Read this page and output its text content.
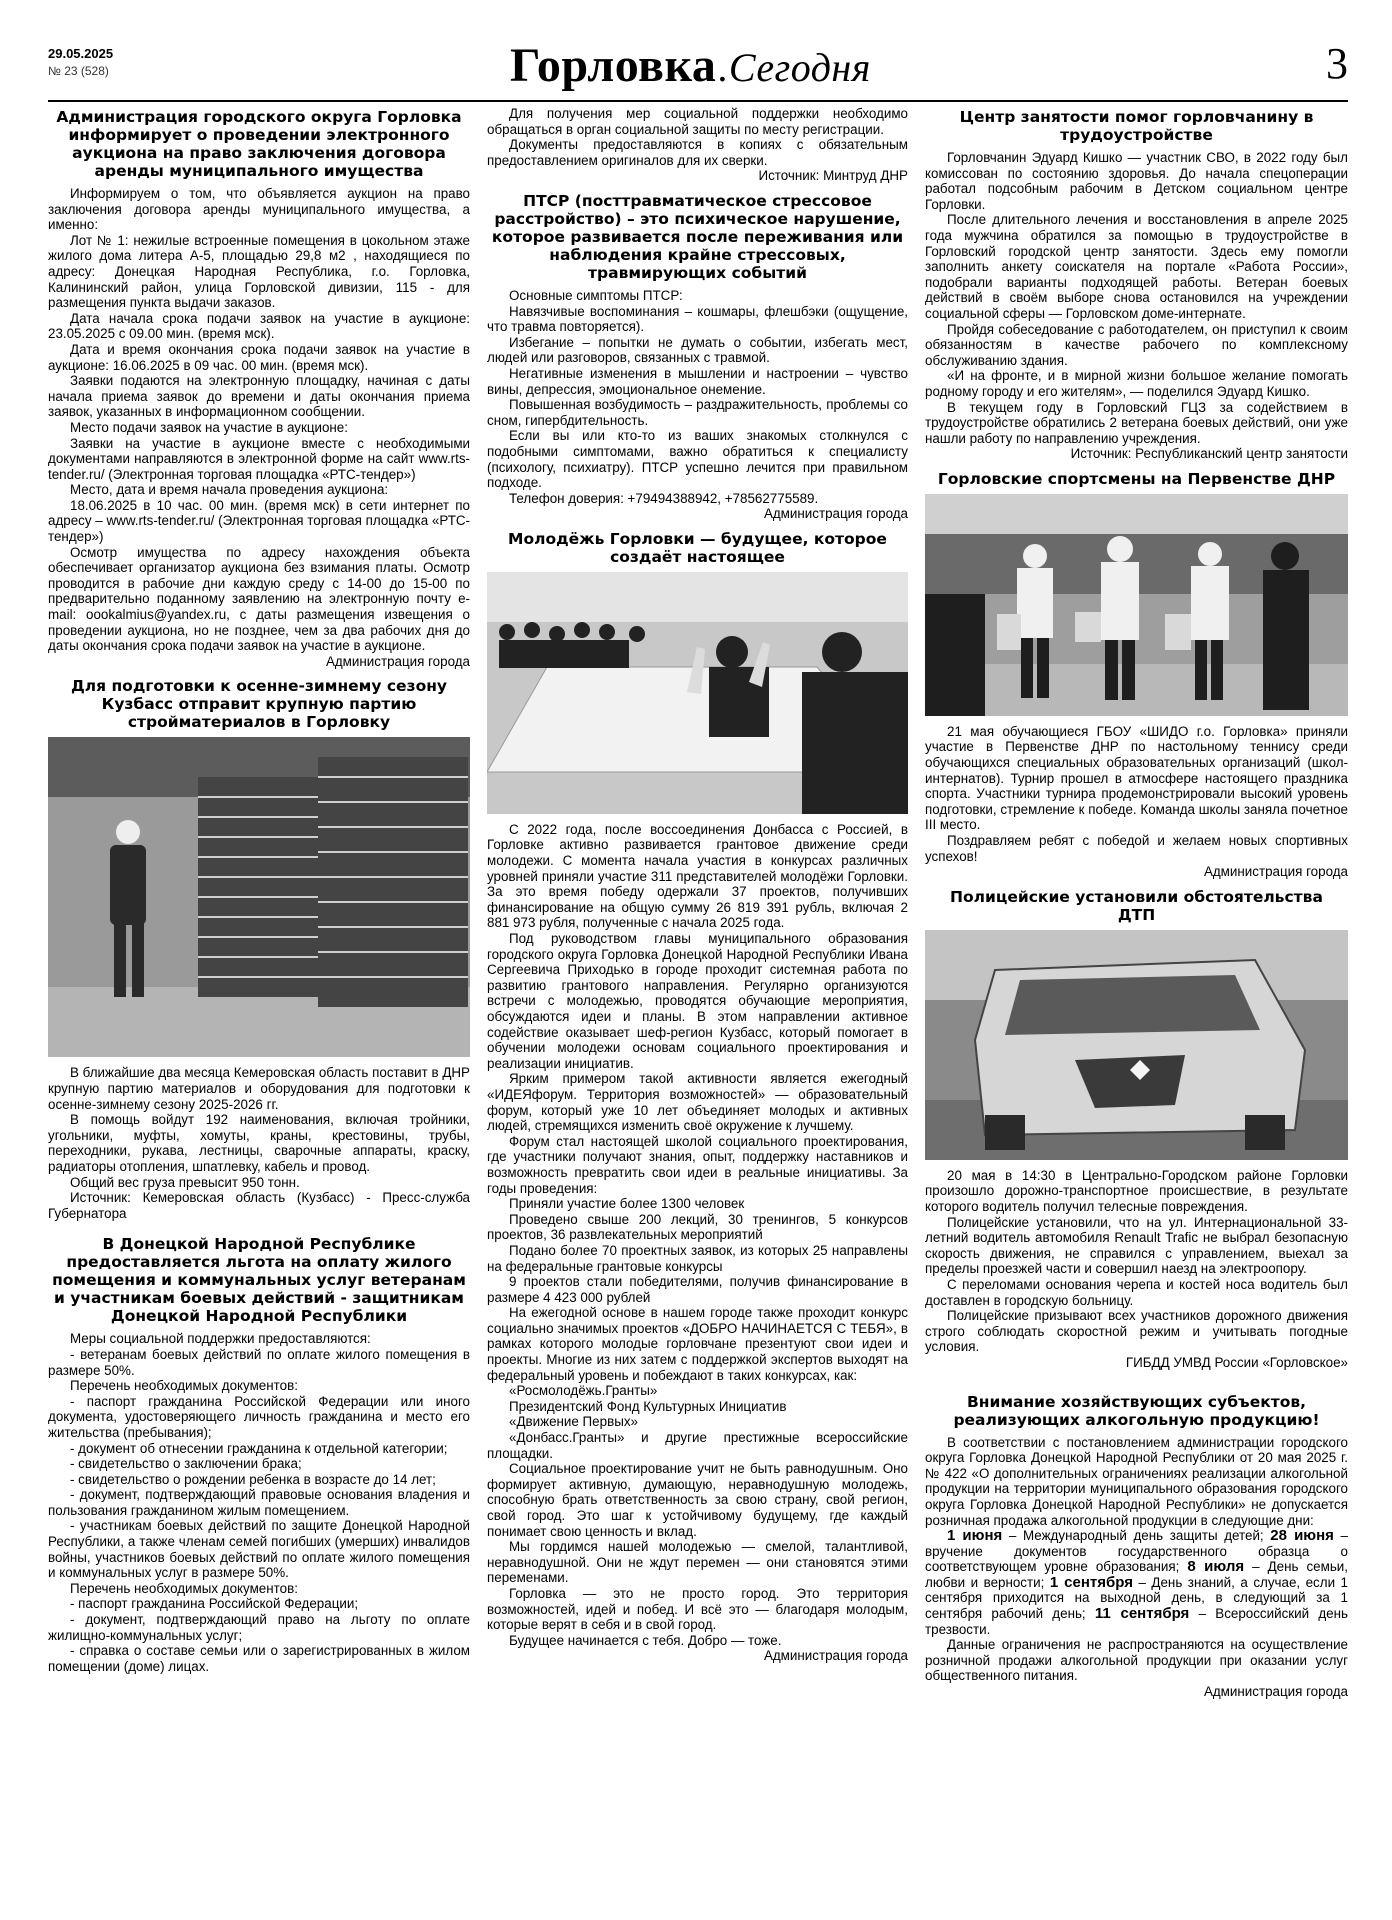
29.05.2025
№ 23 (528)	Горловка.Сегодня	3
Администрация городского округа Горловка информирует о проведении электронного аукциона на право заключения договора аренды муниципального имущества

Информируем о том, что объявляется аукцион на право заключения договора аренды муниципального имущества, а именно:

Лот № 1: нежилые встроенные помещения в цокольном этаже жилого дома литера А-5, площадью 29,8 м2 , находящиеся по адресу: Донецкая Народная Республика, г.о. Горловка, Калининский район, улица Горловской дивизии, 115 - для размещения пункта выдачи заказов.

Дата начала срока подачи заявок на участие в аукционе: 23.05.2025 с 09.00 мин. (время мск).

Дата и время окончания срока подачи заявок на участие в аукционе: 16.06.2025 в 09 час. 00 мин. (время мск).

Заявки подаются на электронную площадку, начиная с даты начала приема заявок до времени и даты окончания приема заявок, указанных в информационном сообщении.

Место подачи заявок на участие в аукционе:

Заявки на участие в аукционе вместе с необходимыми документами направляются в электронной форме на сайт www.rts-tender.ru/ (Электронная торговая площадка «РТС-тендер»)

Место, дата и время начала проведения аукциона:

18.06.2025 в 10 час. 00 мин. (время мск) в сети интернет по адресу – www.rts-tender.ru/ (Электронная торговая площадка «РТС-тендер»)

Осмотр имущества по адресу нахождения объекта обеспечивает организатор аукциона без взимания платы. Осмотр проводится в рабочие дни каждую среду с 14-00 до 15-00 по предварительно поданному заявлению на электронную почту e-mail: oookalmius@yandex.ru, с даты размещения извещения о проведении аукциона, но не позднее, чем за два рабочих дня до даты окончания срока подачи заявок на участие в аукционе.

Администрация города
Для подготовки к осенне-зимнему сезону Кузбасс отправит крупную партию стройматериалов в Горловку

В ближайшие два месяца Кемеровская область поставит в ДНР крупную партию материалов и оборудования для подготовки к осенне-зимнему сезону 2025-2026 гг.

В помощь войдут 192 наименования, включая тройники, угольники, муфты, хомуты, краны, крестовины, трубы, переходники, рукава, лестницы, сварочные аппараты, краску, радиаторы отопления, шпатлевку, кабель и провод.

Общий вес груза превысит 950 тонн.

Источник: Кемеровская область (Кузбасс) - Пресс-служба Губернатора

В Донецкой Народной Республике предоставляется льгота на оплату жилого помещения и коммунальных услуг ветеранам и участникам боевых действий - защитникам Донецкой Народной Республики

Меры социальной поддержки предоставляются:

- ветеранам боевых действий по оплате жилого помещения в размере 50%.

Перечень необходимых документов:

- паспорт гражданина Российской Федерации или иного документа, удостоверяющего личность гражданина и место его жительства (пребывания);

- документ об отнесении гражданина к отдельной категории;

- свидетельство о заключении брака;

- свидетельство о рождении ребенка в возрасте до 14 лет;

- документ, подтверждающий правовые основания владения и пользования гражданином жилым помещением.

- участникам боевых действий по защите Донецкой Народной Республики, а также членам семей погибших (умерших) инвалидов войны, участников боевых действий по оплате жилого помещения и коммунальных услуг в размере 50%.

Перечень необходимых документов:

- паспорт гражданина Российской Федерации;

- документ, подтверждающий право на льготу по оплате жилищно-коммунальных услуг;

- справка о составе семьи или о зарегистрированных в жилом помещении (доме) лицах.

Для получения мер социальной поддержки необходимо обращаться в орган социальной защиты по месту регистрации.

Документы предоставляются в копиях с обязательным предоставлением оригиналов для их сверки.

Источник: Минтруд ДНР
ПТСР (посттравматическое стрессовое расстройство) – это психическое нарушение, которое развивается после переживания или наблюдения крайне стрессовых, травмирующих событий

Основные симптомы ПТСР:

Навязчивые воспоминания – кошмары, флешбэки (ощущение, что травма повторяется).

Избегание – попытки не думать о событии, избегать мест, людей или разговоров, связанных с травмой.

Негативные изменения в мышлении и настроении – чувство вины, депрессия, эмоциональное онемение.

Повышенная возбудимость – раздражительность, проблемы со сном, гипербдительность.

Если вы или кто-то из ваших знакомых столкнулся с подобными симптомами, важно обратиться к специалисту (психологу, психиатру). ПТСР успешно лечится при правильном подходе.

Телефон доверия: +79494388942, +78562775589.

Администрация города
Молодёжь Горловки — будущее, которое создаёт настоящее

С 2022 года, после воссоединения Донбасса с Россией, в Горловке активно развивается грантовое движение среди молодежи. С момента начала участия в конкурсах различных уровней приняли участие 311 представителей молодёжи Горловки. За это время победу одержали 37 проектов, получивших финансирование на общую сумму 26 819 391 рубль, включая 2 881 973 рубля, полученные с начала 2025 года.

Под руководством главы муниципального образования городского округа Горловка Донецкой Народной Республики Ивана Сергеевича Приходько в городе проходит системная работа по развитию грантового направления. Регулярно организуются встречи с молодежью, проводятся обучающие мероприятия, обсуждаются идеи и планы. В этом направлении активное содействие оказывает шеф-регион Кузбасс, который помогает в обучении молодежи основам социального проектирования и реализации инициатив.

Ярким примером такой активности является ежегодный «ИДЕЯфорум. Территория возможностей» — образовательный форум, который уже 10 лет объединяет молодых и активных людей, стремящихся изменить своё окружение к лучшему.

Форум стал настоящей школой социального проектирования, где участники получают знания, опыт, поддержку наставников и возможность превратить свои идеи в реальные инициативы. За годы проведения:

Приняли участие более 1300 человек

Проведено свыше 200 лекций, 30 тренингов, 5 конкурсов проектов, 36 развлекательных мероприятий

Подано более 70 проектных заявок, из которых 25 направлены на федеральные грантовые конкурсы

9 проектов стали победителями, получив финансирование в размере 4 423 000 рублей

На ежегодной основе в нашем городе также проходит конкурс социально значимых проектов «ДОБРО НАЧИНАЕТСЯ С ТЕБЯ», в рамках которого молодые горловчане презентуют свои идеи и проекты. Многие из них затем с поддержкой экспертов выходят на федеральный уровень и побеждают в таких конкурсах, как:

«Росмолодёжь.Гранты»

Президентский Фонд Культурных Инициатив

«Движение Первых»

«Донбасс.Гранты» и другие престижные всероссийские площадки.

Социальное проектирование учит не быть равнодушным. Оно формирует активную, думающую, неравнодушную молодежь, способную брать ответственность за свою страну, свой регион, свой город. Это шаг к устойчивому будущему, где каждый понимает свою ценность и вклад.

Мы гордимся нашей молодежью — смелой, талантливой, неравнодушной. Они не ждут перемен — они становятся этими переменами.

Горловка — это не просто город. Это территория возможностей, идей и побед. И всё это — благодаря молодым, которые верят в себя и в свой город.

Будущее начинается с тебя. Добро — тоже.

Администрация города
Центр занятости помог горловчанину в трудоустройстве

Горловчанин Эдуард Кишко — участник СВО, в 2022 году был комиссован по состоянию здоровья. До начала спецоперации работал подсобным рабочим в Детском социальном центре Горловки.

После длительного лечения и восстановления в апреле 2025 года мужчина обратился за помощью в трудоустройстве в Горловский городской центр занятости. Здесь ему помогли заполнить анкету соискателя на портале «Работа России», подобрали варианты подходящей работы. Ветеран боевых действий в своём выборе снова остановился на учреждении социальной сферы — Горловском доме-интернате.

Пройдя собеседование с работодателем, он приступил к своим обязанностям в качестве рабочего по комплексному обслуживанию здания.

«И на фронте, и в мирной жизни большое желание помогать родному городу и его жителям», — поделился Эдуард Кишко.

В текущем году в Горловский ГЦЗ за содействием в трудоустройстве обратились 2 ветерана боевых действий, они уже нашли работу по направлению учреждения.

Источник: Республиканский центр занятости
Горловские спортсмены на Первенстве ДНР

21 мая обучающиеся ГБОУ «ШИДО г.о. Горловка» приняли участие в Первенстве ДНР по настольному теннису среди обучающихся специальных образовательных организаций (школ-интернатов). Турнир прошел в атмосфере настоящего праздника спорта. Участники турнира продемонстрировали высокий уровень подготовки, стремление к победе. Команда школы заняла почетное III место.

Поздравляем ребят с победой и желаем новых спортивных успехов!

Администрация города
Полицейские установили обстоятельства ДТП

20 мая в 14:30 в Центрально-Городском районе Горловки произошло дорожно-транспортное происшествие, в результате которого водитель получил телесные повреждения.

Полицейские установили, что на ул. Интернациональной 33-летний водитель автомобиля Renault Trafic не выбрал безопасную скорость движения, не справился с управлением, выехал за пределы проезжей части и совершил наезд на электроопору.

С переломами основания черепа и костей носа водитель был доставлен в городскую больницу.

Полицейские призывают всех участников дорожного движения строго соблюдать скоростной режим и учитывать погодные условия.

ГИБДД УМВД России «Горловское»
Внимание хозяйствующих субъектов, реализующих алкогольную продукцию!

В соответствии с постановлением администрации городского округа Горловка Донецкой Народной Республики от 20 мая 2025 г. № 422 «О дополнительных ограничениях реализации алкогольной продукции на территории муниципального образования городского округа Горловка Донецкой Народной Республики» не допускается розничная продажа алкогольной продукции в следующие дни:

1 июня – Международный день защиты детей; 28 июня – вручение документов государственного образца о соответствующем уровне образования; 8 июля – День семьи, любви и верности; 1 сентября – День знаний, а случае, если 1 сентября приходится на выходной день, в следующий за 1 сентября рабочий день; 11 сентября – Всероссийский день трезвости.

Данные ограничения не распространяются на осуществление розничной продажи алкогольной продукции при оказании услуг общественного питания.

Администрация города
